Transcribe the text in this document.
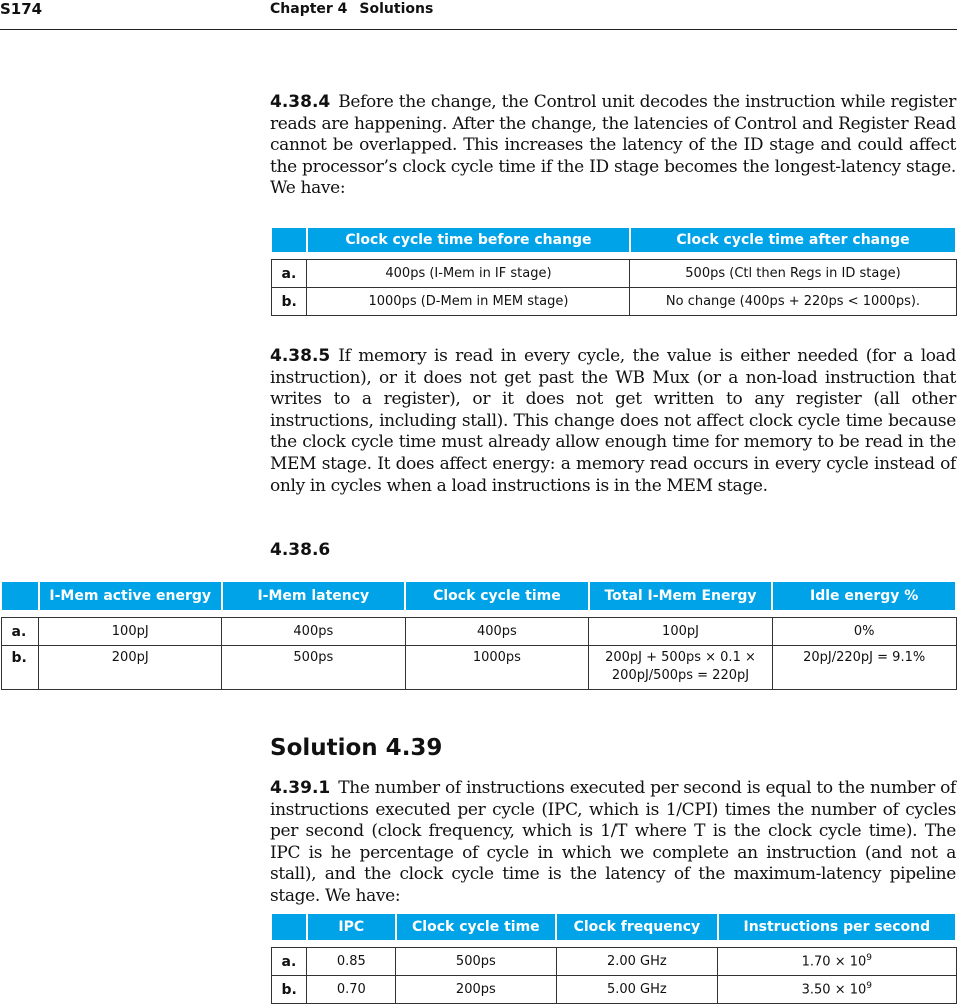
S174	Chapter 4 Solutions

4.38.4 Before the change, the Control unit decodes the instruction while register reads are happening. After the change, the latencies of Control and Register Read cannot be overlapped. This increases the latency of the ID stage and could affect the processor’s clock cycle time if the ID stage becomes the longest-latency stage. We have:

	Clock cycle time before change	Clock cycle time after change

a.	400ps (I-Mem in IF stage)	500ps (Ctl then Regs in ID stage)
b.	1000ps (D-Mem in MEM stage)	No change (400ps + 220ps < 1000ps).

4.38.5 If memory is read in every cycle, the value is either needed (for a load instruction), or it does not get past the WB Mux (or a non-load instruction that writes to a register), or it does not get written to any register (all other instructions, including stall). This change does not affect clock cycle time because the clock cycle time must already allow enough time for memory to be read in the MEM stage. It does affect energy: a memory read occurs in every cycle instead of only in cycles when a load instructions is in the MEM stage.

4.38.6
	I-Mem active energy	I-Mem latency	Clock cycle time	Total I-Mem Energy	Idle energy %

a.	100pJ	400ps	400ps	100pJ	0%
b.	200pJ	500ps	1000ps	200pJ + 500ps × 0.1 ×
200pJ/500ps = 220pJ	20pJ/220pJ = 9.1%
Solution 4.39

4.39.1 The number of instructions executed per second is equal to the number of instructions executed per cycle (IPC, which is 1/CPI) times the number of cycles per second (clock frequency, which is 1/T where T is the clock cycle time). The IPC is he percentage of cycle in which we complete an instruction (and not a stall), and the clock cycle time is the latency of the maximum-latency pipeline stage. We have:

	IPC	Clock cycle time	Clock frequency	Instructions per second

a.	0.85	500ps	2.00 GHz	$1.70 \times 10^9$
b.	0.70	200ps	5.00 GHz	$3.50 \times 10^9$
